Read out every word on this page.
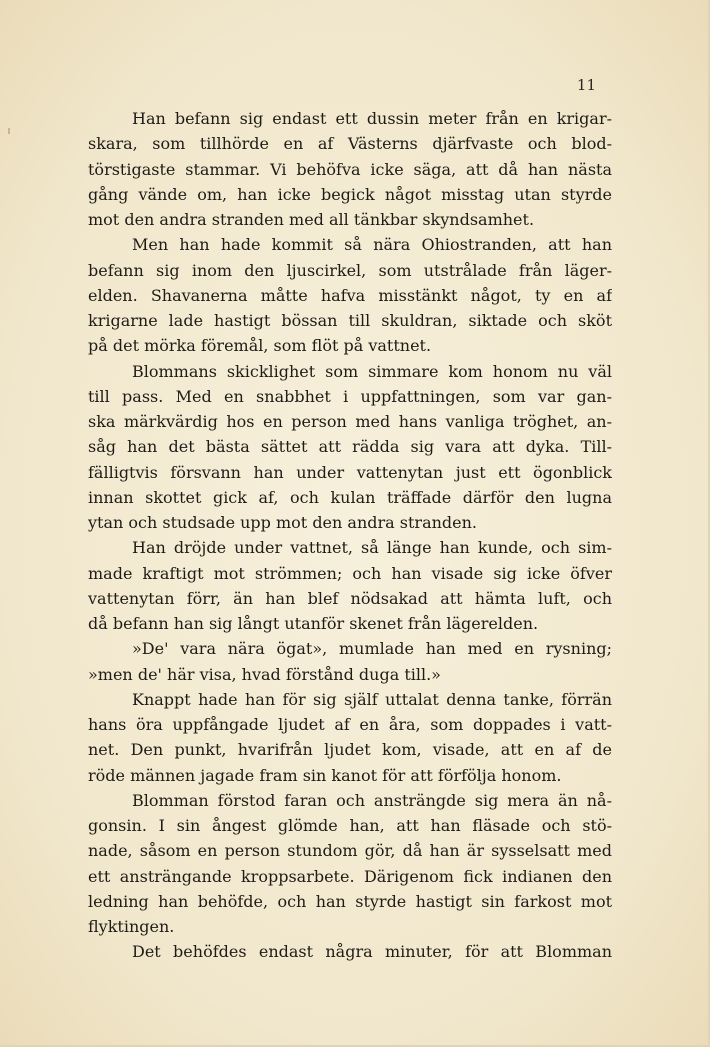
11
Han befann sig endast ett dussin meter från en krigar-
skara, som tillhörde en af Västerns djärfvaste och blod-
törstigaste stammar. Vi behöfva icke säga, att då han nästa
gång vände om, han icke begick något misstag utan styrde
mot den andra stranden med all tänkbar skyndsamhet.
Men han hade kommit så nära Ohiostranden, att han
befann sig inom den ljuscirkel, som utstrålade från läger-
elden. Shavanerna måtte hafva misstänkt något, ty en af
krigarne lade hastigt bössan till skuldran, siktade och sköt
på det mörka föremål, som flöt på vattnet.
Blommans skicklighet som simmare kom honom nu väl
till pass. Med en snabbhet i uppfattningen, som var gan-
ska märkvärdig hos en person med hans vanliga tröghet, an-
såg han det bästa sättet att rädda sig vara att dyka. Till-
fälligtvis försvann han under vattenytan just ett ögonblick
innan skottet gick af, och kulan träffade därför den lugna
ytan och studsade upp mot den andra stranden.
Han dröjde under vattnet, så länge han kunde, och sim-
made kraftigt mot strömmen; och han visade sig icke öfver
vattenytan förr, än han blef nödsakad att hämta luft, och
då befann han sig långt utanför skenet från lägerelden.
»De' vara nära ögat», mumlade han med en rysning;
»men de' här visa, hvad förstånd duga till.»
Knappt hade han för sig själf uttalat denna tanke, förrän
hans öra uppfångade ljudet af en åra, som doppades i vatt-
net. Den punkt, hvarifrån ljudet kom, visade, att en af de
röde männen jagade fram sin kanot för att förfölja honom.
Blomman förstod faran och ansträngde sig mera än nå-
gonsin. I sin ångest glömde han, att han fläsade och stö-
nade, såsom en person stundom gör, då han är sysselsatt med
ett ansträngande kroppsarbete. Därigenom fick indianen den
ledning han behöfde, och han styrde hastigt sin farkost mot
flyktingen.
Det behöfdes endast några minuter, för att Blomman
